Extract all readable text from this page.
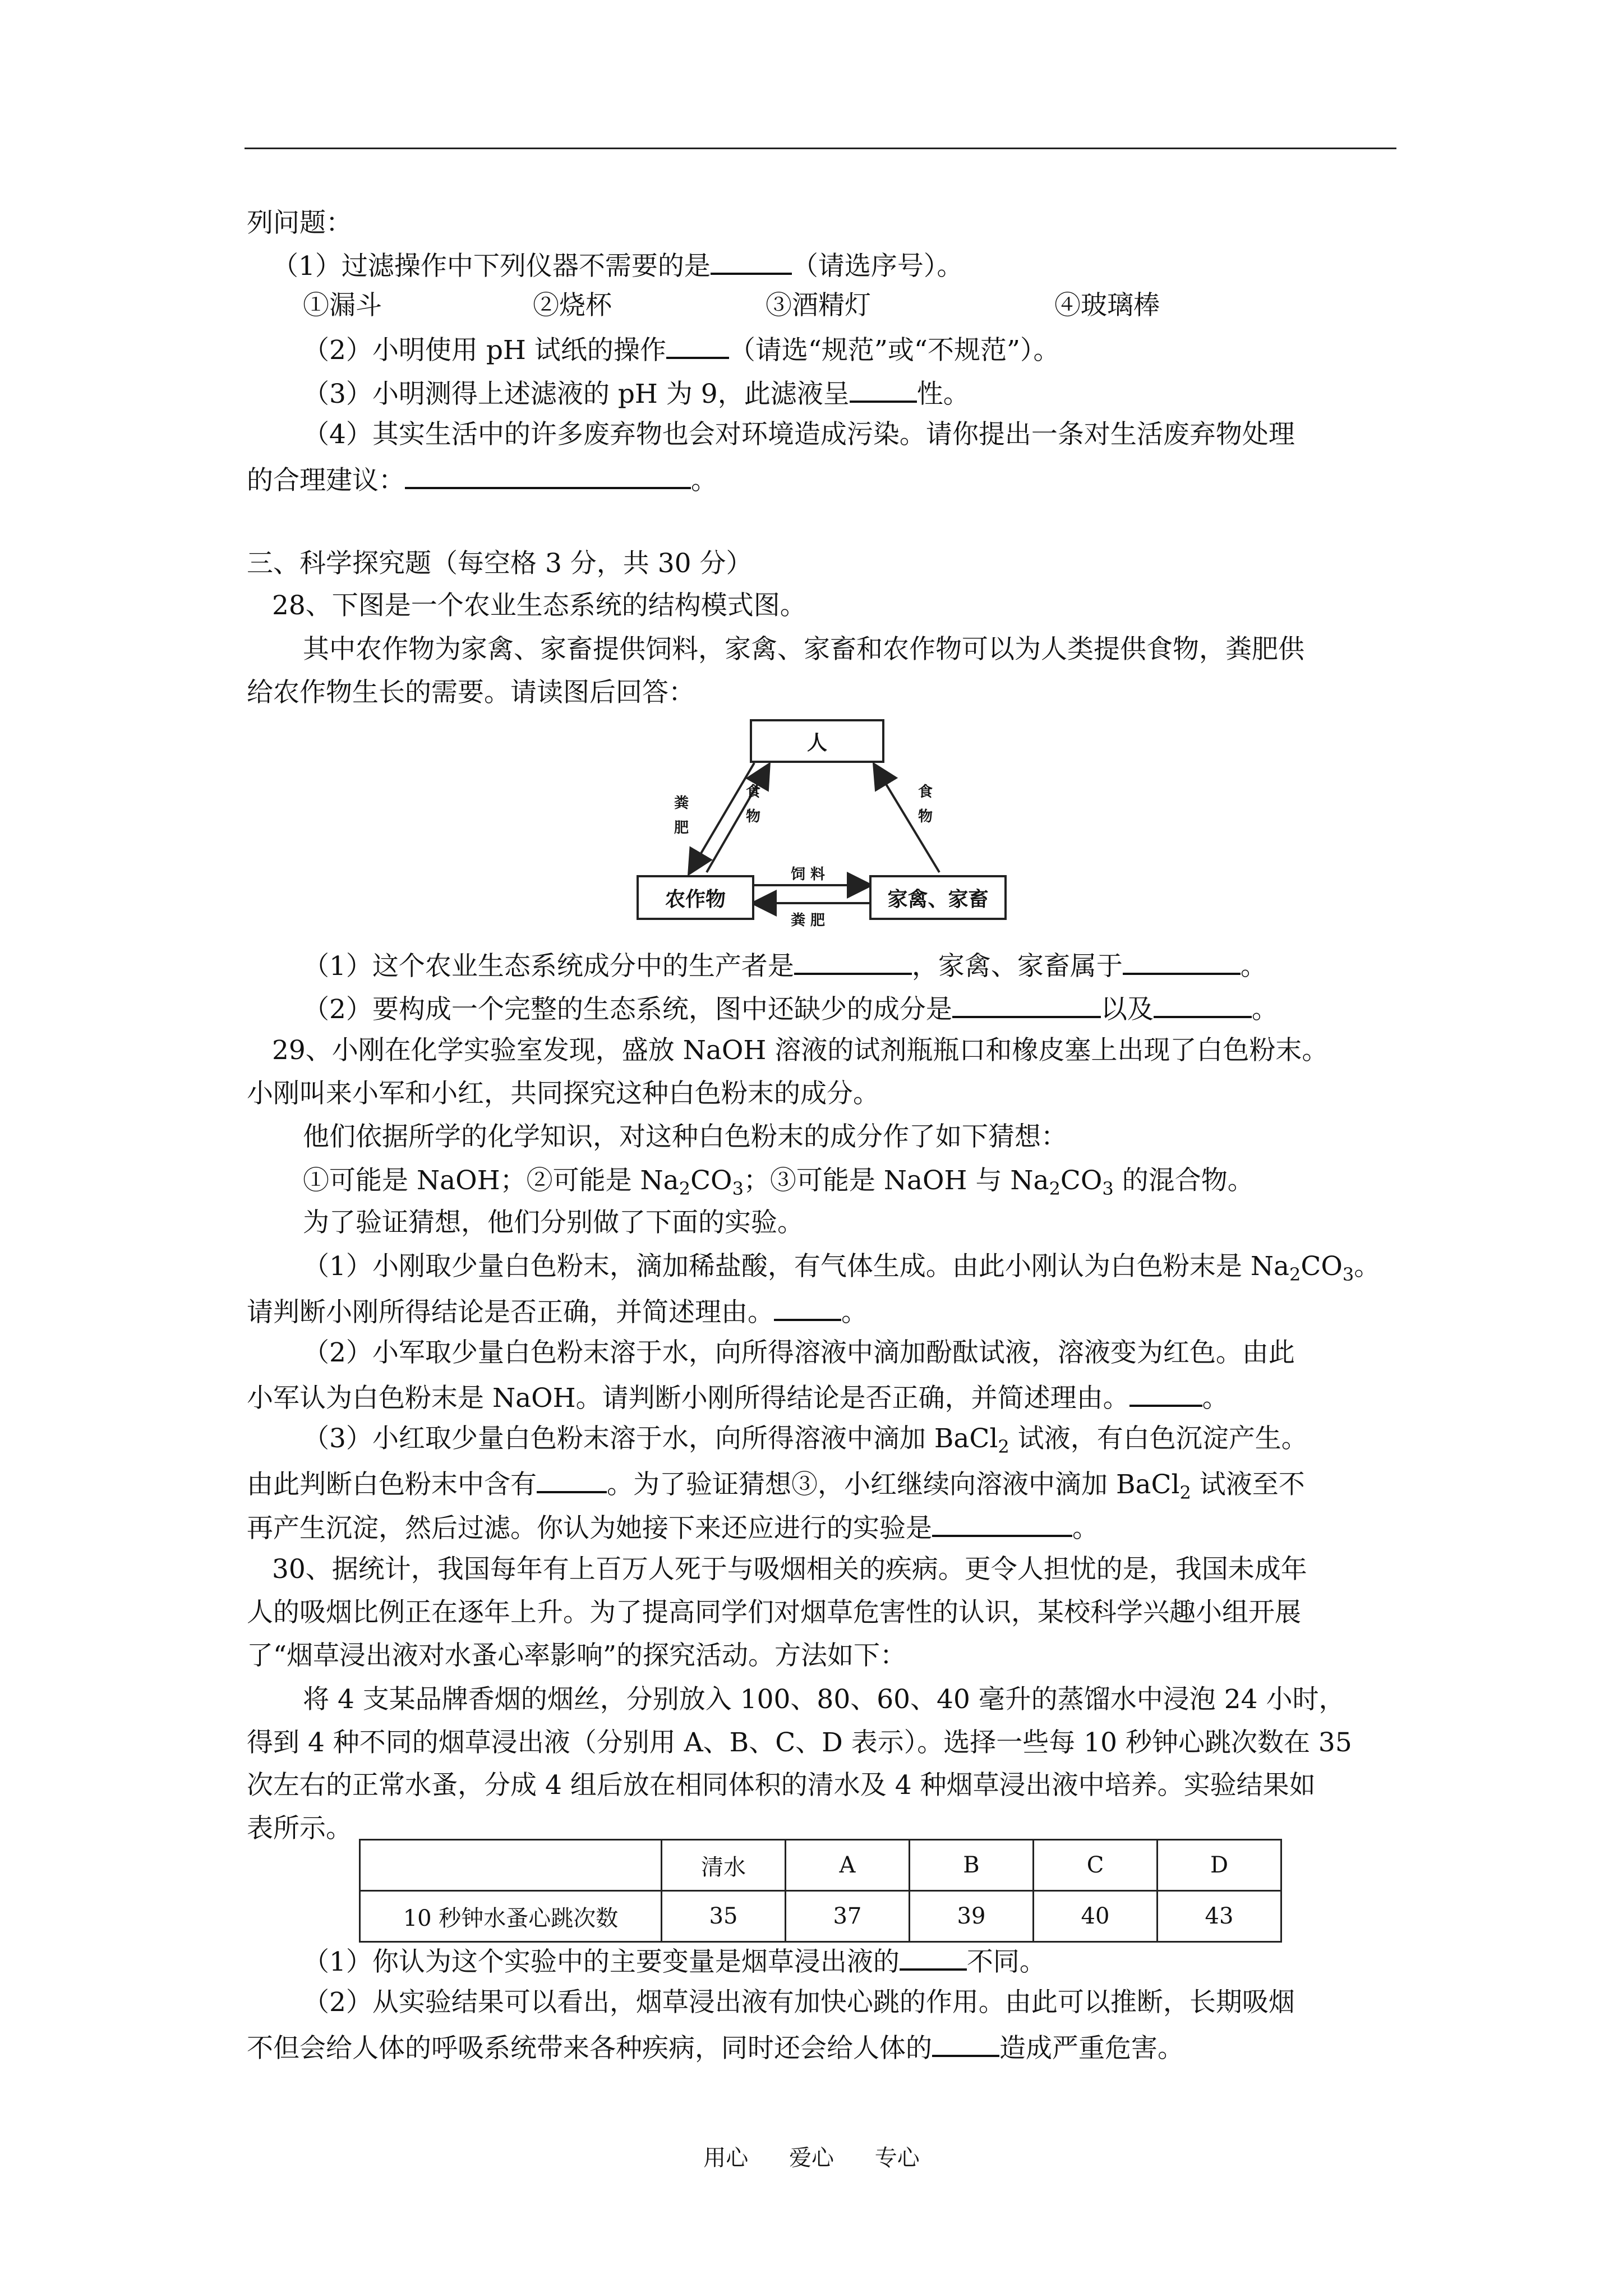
列问题：
（1）过滤操作中下列仪器不需要的是	（请选序号）。
①漏斗	②烧杯	③酒精灯	④玻璃棒
（2）小明使用 pH 试纸的操作 （请选“规范”或“不规范”）。
（3）小明测得上述滤液的 pH 为 9，此滤液呈	性。
（4）其实生活中的许多废弃物也会对环境造成污染。请你提出一条对生活废弃物处理
的合理建议：	。
三、科学探究题（每空格 3 分，共 30 分）
28、下图是一个农业生态系统的结构模式图。
其中农作物为家禽、家畜提供饲料，家禽、家畜和农作物可以为人类提供食物，粪肥供
给农作物生长的需要。请读图后回答：
人
农作物	家禽、家畜
粪肥
食物
食物
饲 料
粪 肥
（1）这个农业生态系统成分中的生产者是	，家禽、家畜属于	。
（2）要构成一个完整的生态系统，图中还缺少的成分是	以及	。
29、小刚在化学实验室发现，盛放 NaOH 溶液的试剂瓶瓶口和橡皮塞上出现了白色粉末。
小刚叫来小军和小红，共同探究这种白色粉末的成分。
他们依据所学的化学知识，对这种白色粉末的成分作了如下猜想：
①可能是 NaOH；②可能是 $Na_2CO_3$；③可能是 NaOH 与 $Na_2CO_3$ 的混合物。
为了验证猜想，他们分别做了下面的实验。
（1）小刚取少量白色粉末，滴加稀盐酸，有气体生成。由此小刚认为白色粉末是 $Na_2CO_3$。
请判断小刚所得结论是否正确，并简述理由。	。
（2）小军取少量白色粉末溶于水，向所得溶液中滴加酚酞试液，溶液变为红色。由此
小军认为白色粉末是 NaOH。请判断小刚所得结论是否正确，并简述理由。	。
（3）小红取少量白色粉末溶于水，向所得溶液中滴加 BaCl$_2$ 试液，有白色沉淀产生。
由此判断白色粉末中含有	。为了验证猜想③，小红继续向溶液中滴加 BaCl$_2$ 试液至不
再产生沉淀，然后过滤。你认为她接下来还应进行的实验是	。
30、据统计，我国每年有上百万人死于与吸烟相关的疾病。更令人担忧的是，我国未成年
人的吸烟比例正在逐年上升。为了提高同学们对烟草危害性的认识，某校科学兴趣小组开展
了“烟草浸出液对水蚤心率影响”的探究活动。方法如下：
将 4 支某品牌香烟的烟丝，分别放入 100、80、60、40 毫升的蒸馏水中浸泡 24 小时，
得到 4 种不同的烟草浸出液（分别用 A、B、C、D 表示）。选择一些每 10 秒钟心跳次数在 35
次左右的正常水蚤，分成 4 组后放在相同体积的清水及 4 种烟草浸出液中培养。实验结果如
表所示。
	清水	A	B	C	D
10 秒钟水蚤心跳次数	35	37	39	40	43
（1）你认为这个实验中的主要变量是烟草浸出液的	不同。
（2）从实验结果可以看出，烟草浸出液有加快心跳的作用。由此可以推断，长期吸烟
不但会给人体的呼吸系统带来各种疾病，同时还会给人体的	造成严重危害。
用心 爱心 专心
